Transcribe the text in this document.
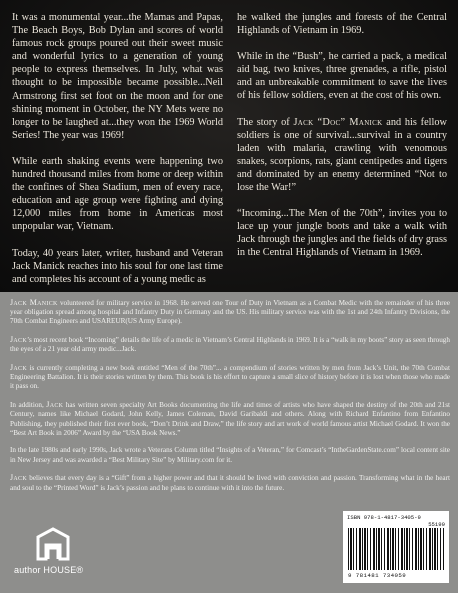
It was a monumental year...the Mamas and Papas, The Beach Boys, Bob Dylan and scores of world famous rock groups poured out their sweet music and wonderful lyrics to a generation of young people to express themselves. In July, what was thought to be impossible became possible...Neil Armstrong first set foot on the moon and for one shining moment in October, the NY Mets were no longer to be laughed at...they won the 1969 World Series! The year was 1969!

While earth shaking events were happening two hundred thousand miles from home or deep within the confines of Shea Stadium, men of every race, education and age group were fighting and dying 12,000 miles from home in Americas most unpopular war, Vietnam.

Today, 40 years later, writer, husband and Veteran Jack Manick reaches into his soul for one last time and completes his account of a young medic as

he walked the jungles and forests of the Central Highlands of Vietnam in 1969.

While in the “Bush”, he carried a pack, a medical aid bag, two knives, three grenades, a rifle, pistol and an unbreakable commitment to save the lives of his fellow soldiers, even at the cost of his own.

The story of Jack “Doc” Manick and his fellow soldiers is one of survival...survival in a country laden with malaria, crawling with venomous snakes, scorpions, rats, giant centipedes and tigers and dominated by an enemy determined “Not to lose the War!”

“Incoming...The Men of the 70th”, invites you to lace up your jungle boots and take a walk with Jack through the jungles and the fields of dry grass in the Central Highlands of Vietnam in 1969.

Jack Manick volunteered for military service in 1968. He served one Tour of Duty in Vietnam as a Combat Medic with the remainder of his three year obligation spread among hospital and Infantry Duty in Germany and the US. His military service was with the 1st and 24th Infantry Divisions, the 70th Combat Engineers and USAREUR(US Army Europe).

Jack’s most recent book “Incoming” details the life of a medic in Vietnam’s Central Highlands in 1969. It is a “walk in my boots” story as seen through the eyes of a 21 year old army medic...Jack.

Jack is currently completing a new book entitled “Men of the 70th”... a compendium of stories written by men from Jack’s Unit, the 70th Combat Engineering Battalion. It is their stories written by them. This book is his effort to capture a small slice of history before it is lost when those who made it pass on.

In addition, Jack has written seven specialty Art Books documenting the life and times of artists who have shaped the destiny of the 20th and 21st Century, names like Michael Godard, John Kelly, James Coleman, David Garibaldi and others. Along with Richard Enfantino from Enfantino Publishing, they published their first ever book, “Don’t Drink and Draw,” the life story and art work of world famous artist Michael Godard. It won the “Best Art Book in 2006” Award by the “USA Book News.”

In the late 1980s and early 1990s, Jack wrote a Veterans Column titled “Insights of a Veteran,” for Comcast’s “IntheGardenState.com” local content site in New Jersey and was awarded a “Best Military Site” by Military.com for it.

Jack believes that every day is a “Gift” from a higher power and that it should be lived with conviction and passion. Transforming what in the heart and soul to the “Printed Word” is Jack’s passion and he plans to continue with it into the future.

author HOUSE®
ISBN 978-1-4817-3405-9
55199
9 781481 734059
